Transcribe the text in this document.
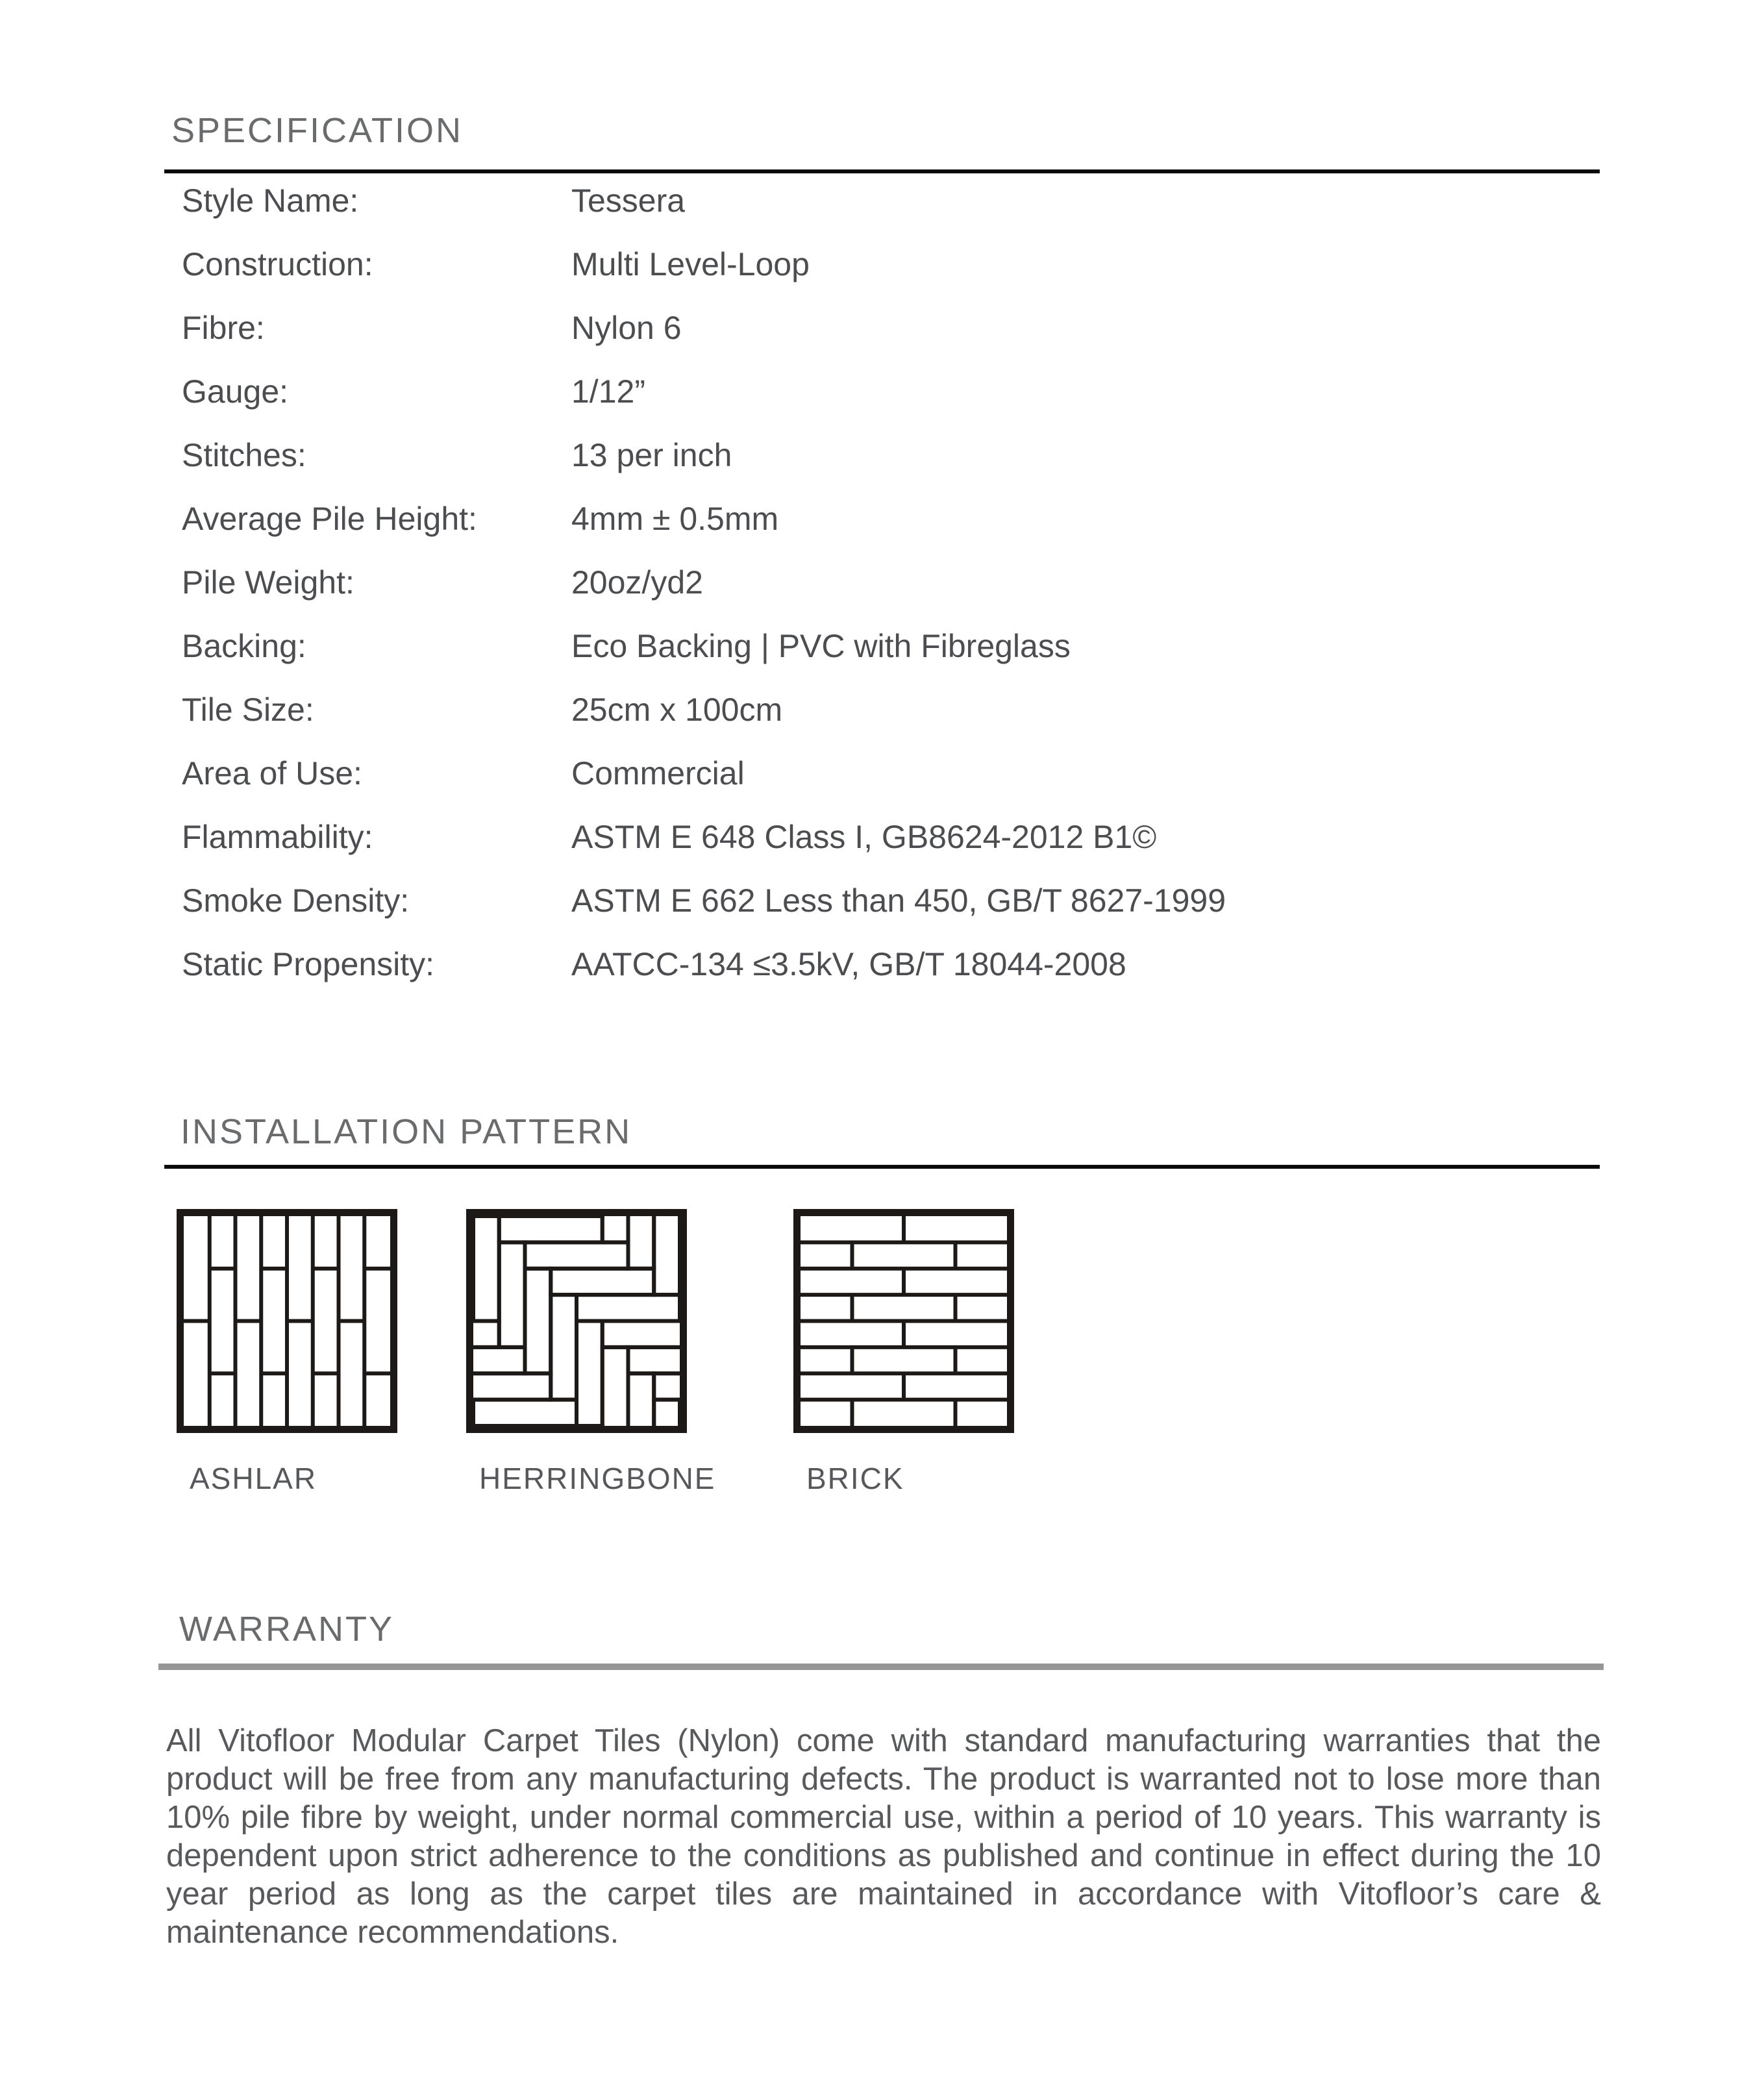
SPECIFICATION
Style Name:	Tessera
Construction:	Multi Level-Loop
Fibre:	Nylon 6
Gauge:	1/12”
Stitches:	13 per inch
Average Pile Height:	4mm ± 0.5mm
Pile Weight:	20oz/yd2
Backing:	Eco Backing | PVC with Fibreglass
Tile Size:	25cm x 100cm
Area of Use:	Commercial
Flammability:	ASTM E 648 Class I, GB8624-2012 B1©
Smoke Density:	ASTM E 662 Less than 450, GB/T 8627-1999
Static Propensity:	AATCC-134 ≤3.5kV, GB/T 18044-2008
INSTALLATION PATTERN
ASHLAR	HERRINGBONE	BRICK
WARRANTY

All Vitofloor Modular Carpet Tiles (Nylon) come with standard manufacturing warranties that the product will be free from any manufacturing defects. The product is warranted not to lose more than 10% pile fibre by weight, under normal commercial use, within a period of 10 years. This warranty is dependent upon strict adherence to the conditions as published and continue in effect during the 10 year period as long as the carpet tiles are maintained in accordance with Vitofloor’s care & maintenance recommendations.
